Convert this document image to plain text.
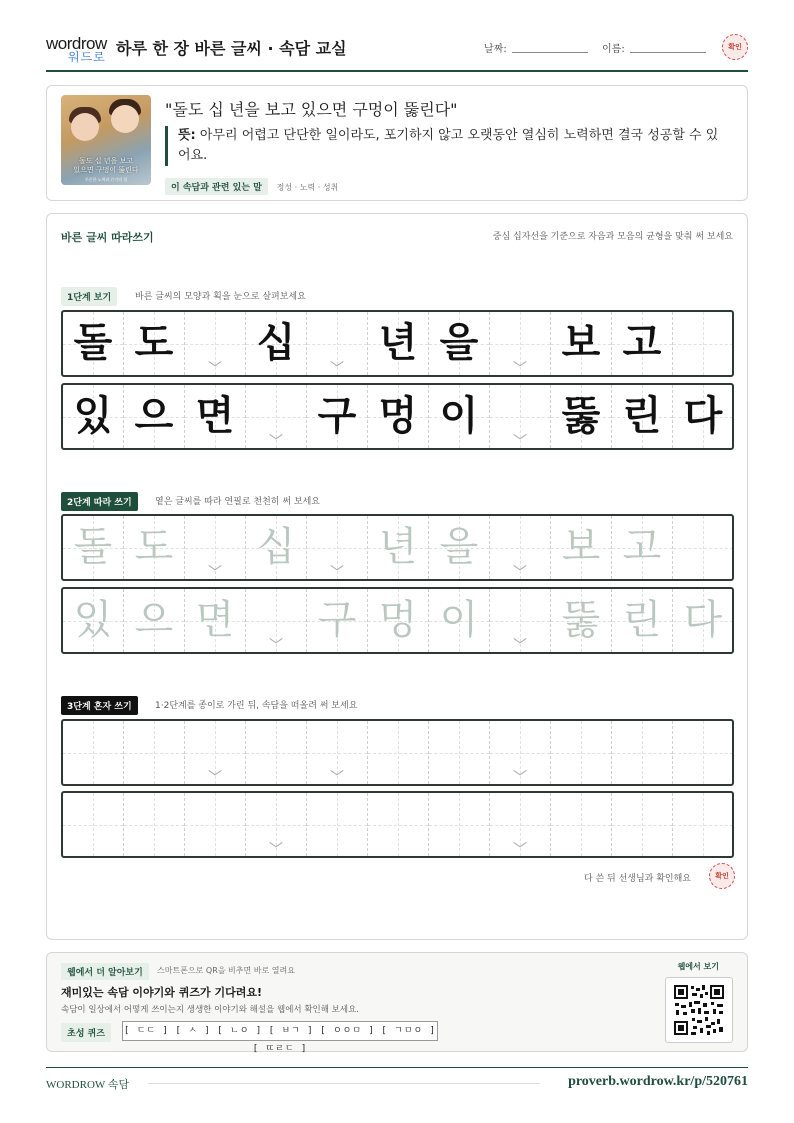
wordrow
워드로 하루 한 장 바른 글씨 · 속담 교실	날짜:	이름:	확인
돌도 십 년을 보고
있으면 구멍이 뚫린다
꾸준한 노력과 끈기의 힘
"돌도 십 년을 보고 있으면 구멍이 뚫린다"
뜻: 아무리 어렵고 단단한 일이라도, 포기하지 않고 오랫동안 열심히 노력하면 결국 성공할 수 있어요.
이 속담과 관련 있는 말 정성 · 노력 · 성취
바른 글씨 따라쓰기	중심 십자선을 기준으로 자음과 모음의 균형을 맞춰 써 보세요
1단계 보기	바른 글씨의 모양과 획을 눈으로 살펴보세요
돌 도 십 년 을 보 고
있 으 면 구 멍 이 뚫 린 다
2단계 따라 쓰기	옅은 글씨를 따라 연필로 천천히 써 보세요
돌 도 십 년 을 보 고
있 으 면 구 멍 이 뚫 린 다
3단계 혼자 쓰기	1·2단계를 종이로 가린 뒤, 속담을 떠올려 써 보세요
다 쓴 뒤 선생님과 확인해요	확인
웹에서 더 알아보기	스마트폰으로 QR을 비추면 바로 열려요
재미있는 속담 이야기와 퀴즈가 기다려요!
속담이 일상에서 어떻게 쓰이는지 생생한 이야기와 해설을 웹에서 확인해 보세요.
초성 퀴즈	[ ㄷㄷ ] [ ㅅ ] [ ㄴㅇ ] [ ㅂㄱ ] [ ㅇㅇㅁ ] [ ㄱㅁㅇ ] [ ㄸㄹㄷ ]
웹에서 보기
WORDROW 속담	proverb.wordrow.kr/p/520761
